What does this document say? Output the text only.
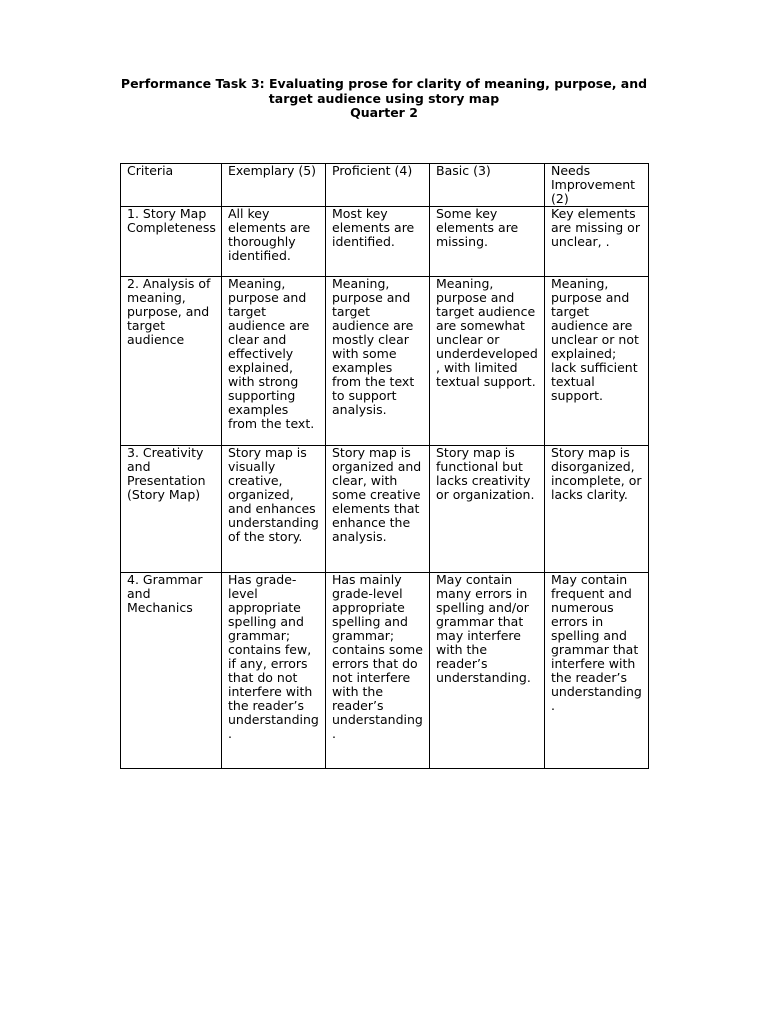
Performance Task 3: Evaluating prose for clarity of meaning, purpose, and
target audience using story map
Quarter 2
Criteria	Exemplary (5)	Proficient (4)	Basic (3)	Needs Improvement (2)
1. Story Map Completeness	All key elements are thoroughly identified.	Most key elements are identified.	Some key elements are missing.	Key elements are missing or unclear, .
2. Analysis of meaning, purpose, and target audience	Meaning, purpose and target audience are clear and effectively explained, with strong supporting examples from the text.	Meaning, purpose and target audience are mostly clear with some examples from the text to support analysis.	Meaning, purpose and target audience are somewhat unclear or underdeveloped, with limited textual support.	Meaning, purpose and target audience are unclear or not explained; lack sufficient textual support.
3. Creativity and Presentation (Story Map)	Story map is visually creative, organized, and enhances understanding of the story.	Story map is organized and clear, with some creative elements that enhance the analysis.	Story map is functional but lacks creativity or organization.	Story map is disorganized, incomplete, or lacks clarity.
4. Grammar and Mechanics	Has grade-level appropriate spelling and grammar; contains few, if any, errors that do not interfere with the reader’s understanding.	Has mainly grade-level appropriate spelling and grammar; contains some errors that do not interfere with the reader’s understanding.	May contain many errors in spelling and/or grammar that may interfere with the reader’s understanding.	May contain frequent and numerous errors in spelling and grammar that interfere with the reader’s understanding.
